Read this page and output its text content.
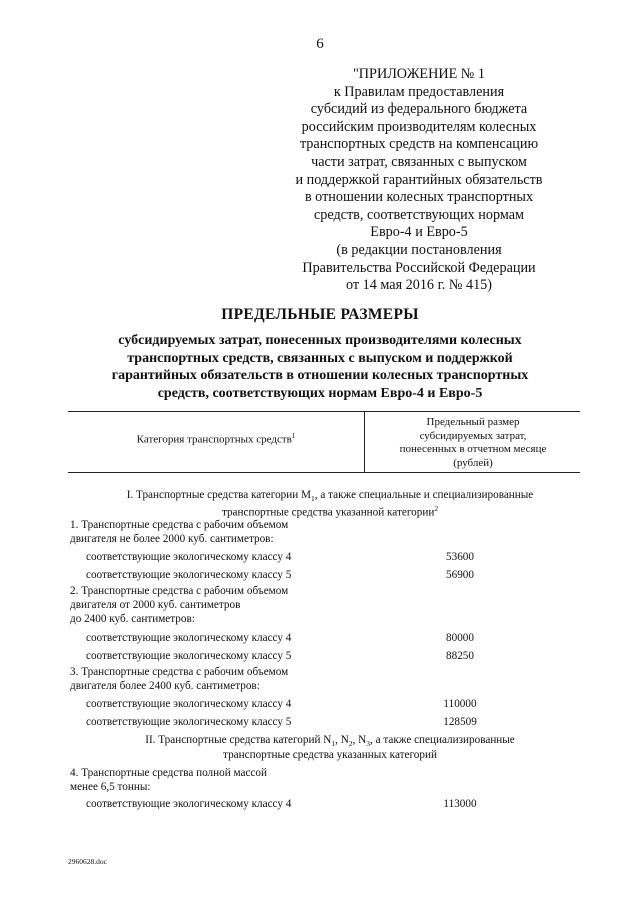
6
"ПРИЛОЖЕНИЕ № 1
к Правилам предоставления
субсидий из федерального бюджета
российским производителям колесных
транспортных средств на компенсацию
части затрат, связанных с выпуском
и поддержкой гарантийных обязательств
в отношении колесных транспортных
средств, соответствующих нормам
Евро-4 и Евро-5
(в редакции постановления
Правительства Российской Федерации
от 14 мая 2016 г. № 415)
ПРЕДЕЛЬНЫЕ РАЗМЕРЫ
субсидируемых затрат, понесенных производителями колесных
транспортных средств, связанных с выпуском и поддержкой
гарантийных обязательств в отношении колесных транспортных
средств, соответствующих нормам Евро-4 и Евро-5
Категория транспортных средств$^1$
Предельный размер
субсидируемых затрат,
понесенных в отчетном месяце
(рублей)
I. Транспортные средства категории $М_1$, а также специальные и специализированные
транспортные средства указанной категории$^2$
1. Транспортные средства с рабочим объемом
двигателя не более 2000 куб. сантиметров:
соответствующие экологическому классу 4	53600
соответствующие экологическому классу 5	56900
2. Транспортные средства с рабочим объемом
двигателя от 2000 куб. сантиметров
до 2400 куб. сантиметров:
соответствующие экологическому классу 4	80000
соответствующие экологическому классу 5	88250
3. Транспортные средства с рабочим объемом
двигателя более 2400 куб. сантиметров:
соответствующие экологическому классу 4	110000
соответствующие экологическому классу 5	128509
II. Транспортные средства категорий $N_1$, $N_2$, $N_3$, а также специализированные
транспортные средства указанных категорий
4. Транспортные средства полной массой
менее 6,5 тонны:
соответствующие экологическому классу 4	113000
2960628.doc
